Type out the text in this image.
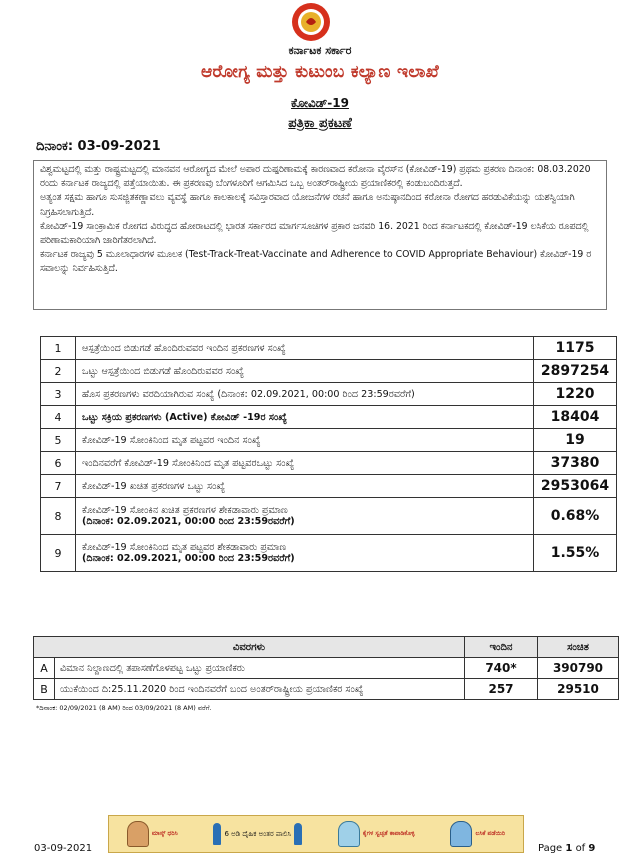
ಕರ್ನಾಟಕ ಸರ್ಕಾರ
ಆರೋಗ್ಯ ಮತ್ತು ಕುಟುಂಬ ಕಲ್ಯಾಣ ಇಲಾಖೆ
ಕೋವಿಡ್-19
ಪತ್ರಿಕಾ ಪ್ರಕಟಣೆ
ದಿನಾಂಕ: 03-09-2021

ವಿಶ್ವಮಟ್ಟದಲ್ಲಿ ಮತ್ತು ರಾಷ್ಟ್ರಮಟ್ಟದಲ್ಲಿ ಮಾನವನ ಆರೋಗ್ಯದ ಮೇಲೆ ಅಪಾರ ದುಷ್ಪರಿಣಾಮಕ್ಕೆ ಕಾರಣವಾದ ಕರೋನಾ ವೈರಸ್‌ನ (ಕೋವಿಡ್-19) ಪ್ರಥಮ ಪ್ರಕರಣ ದಿನಾಂಕ: 08.03.2020 ರಂದು ಕರ್ನಾಟಕ ರಾಜ್ಯದಲ್ಲಿ ಪತ್ತೆಯಾಯಿತು. ಈ ಪ್ರಕರಣವು ಬೆಂಗಳೂರಿಗೆ ಆಗಮಿಸಿದ ಒಬ್ಬ ಅಂತರ್‌ರಾಷ್ಟ್ರೀಯ ಪ್ರಯಾಣಿಕರಲ್ಲಿ ಕಂಡುಬಂದಿರುತ್ತದೆ.

ಅತ್ಯಂತ ಸಕ್ಷಮ ಹಾಗೂ ಸುಸಜ್ಜಿತಕಣ್ಣಾವಲು ವ್ಯವಸ್ಥೆ ಹಾಗೂ ಕಾಲಕಾಲಕ್ಕೆ ಸವಿಸ್ತಾರವಾದ ಯೋಜನೆಗಳ ರಚನೆ ಹಾಗೂ ಅನುಷ್ಠಾನದಿಂದ ಕರೋನಾ ರೋಗದ ಹರಡುವಿಕೆಯನ್ನು ಯಶಸ್ವಿಯಾಗಿ ನಿಗ್ರಹಿಸಲಾಗುತ್ತಿದೆ.

ಕೋವಿಡ್-19 ಸಾಂಕ್ರಾಮಿಕ ರೋಗದ ವಿರುದ್ಧದ ಹೋರಾಟದಲ್ಲಿ ಭಾರತ ಸರ್ಕಾರದ ಮಾರ್ಗಸೂಚಿಗಳ ಪ್ರಕಾರ ಜನವರಿ 16. 2021 ರಿಂದ ಕರ್ನಾಟಕದಲ್ಲಿ ಕೋವಿಡ್-19 ಲಸಿಕೆಯ ರೂಪದಲ್ಲಿ ಪರಿಣಾಮಕಾರಿಯಾಗಿ ಜಾರಿಗೆತರಲಾಗಿದೆ.

ಕರ್ನಾಟಕ ರಾಜ್ಯವು 5 ಮೂಲಾಧಾರಗಳ ಮೂಲಕ (Test-Track-Treat-Vaccinate and Adherence to COVID Appropriate Behaviour) ಕೋವಿಡ್-19 ರ ಸವಾಲನ್ನು ನಿರ್ವಹಿಸುತ್ತಿದೆ.

1	ಆಸ್ಪತ್ರೆಯಿಂದ ಬಿಡುಗಡೆ ಹೊಂದಿರುವವರ ಇಂದಿನ ಪ್ರಕರಣಗಳ ಸಂಖ್ಯೆ	1175
2	ಒಟ್ಟು ಆಸ್ಪತ್ರೆಯಿಂದ ಬಿಡುಗಡೆ ಹೊಂದಿರುವವರ ಸಂಖ್ಯೆ	2897254
3	ಹೊಸ ಪ್ರಕರಣಗಳು ವರದಿಯಾಗಿರುವ ಸಂಖ್ಯೆ (ದಿನಾಂಕ: 02.09.2021, 00:00 ರಿಂದ 23:59ರವರೆಗೆ)	1220
4	ಒಟ್ಟು ಸಕ್ರಿಯ ಪ್ರಕರಣಗಳು (Active) ಕೋವಿಡ್ -19ರ ಸಂಖ್ಯೆ	18404
5	ಕೋವಿಡ್-19 ಸೋಂಕಿನಿಂದ ಮೃತ ಪಟ್ಟವರ ಇಂದಿನ ಸಂಖ್ಯೆ	19
6	ಇಂದಿನವರೆಗೆ ಕೋವಿಡ್-19 ಸೋಂಕಿನಿಂದ ಮೃತ ಪಟ್ಟವರಒಟ್ಟು ಸಂಖ್ಯೆ	37380
7	ಕೋವಿಡ್-19 ಖಚಿತ ಪ್ರಕರಣಗಳ ಒಟ್ಟು ಸಂಖ್ಯೆ	2953064
8	ಕೋವಿಡ್-19 ಸೋಂಕಿನ ಖಚಿತ ಪ್ರಕರಣಗಳ ಶೇಕಡಾವಾರು ಪ್ರಮಾಣ
(ದಿನಾಂಕ: 02.09.2021, 00:00 ರಿಂದ 23:59ರವರೆಗೆ)	0.68%
9	ಕೋವಿಡ್-19 ಸೋಂಕಿನಿಂದ ಮೃತ ಪಟ್ಟವರ ಶೇಕಡಾವಾರು ಪ್ರಮಾಣ
(ದಿನಾಂಕ: 02.09.2021, 00:00 ರಿಂದ 23:59ರವರೆಗೆ)	1.55%
ವಿವರಗಳು		ಇಂದಿನ	ಸಂಚಿತ
A	ವಿಮಾನ ನಿಲ್ದಾಣದಲ್ಲಿ ತಪಾಸಣೆಗೊಳಪಟ್ಟ ಒಟ್ಟು ಪ್ರಯಾಣಿಕರು	740*	390790
B	ಯುಕೆಯಿಂದ ದಿ:25.11.2020 ರಿಂದ ಇಂದಿನವರೆಗೆ ಬಂದ ಅಂತರ್‌ರಾಷ್ಟ್ರೀಯ ಪ್ರಯಾಣಿಕರ ಸಂಖ್ಯೆ	257	29510
*ದಿನಾಂಕ: 02/09/2021 (8 AM) ರಿಂದ 03/09/2021 (8 AM) ವರೆಗೆ.
ಮಾಸ್ಕ್ ಧರಿಸಿ	6 ಅಡಿ ದೈಹಿಕ ಅಂತರ ಪಾಲಿಸಿ	ಕೈಗಳ ಸ್ವಚ್ಛತೆ ಕಾಪಾಡಿಕೊಳ್ಳಿ	ಲಸಿಕೆ ಪಡೆಯಿರಿ
03-09-2021	Page 1 of 9
